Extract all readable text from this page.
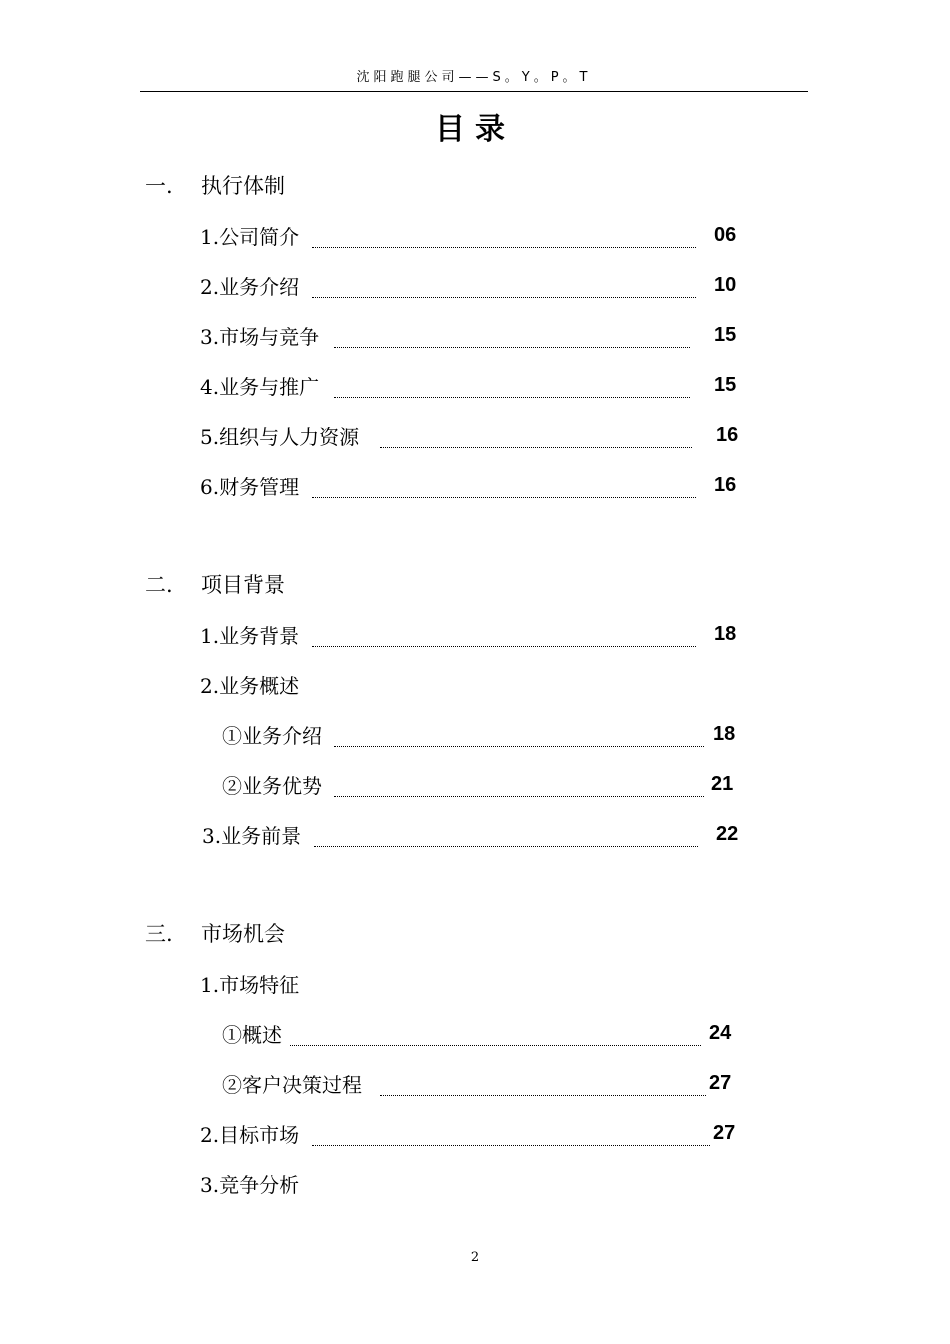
沈阳跑腿公司——S。Y。P。T
目录
一.	执行体制
1.公司简介	06
2.业务介绍	10
3.市场与竞争	15
4.业务与推广	15
5.组织与人力资源	16
6.财务管理	16
二.	项目背景
1.业务背景	18
2.业务概述
①业务介绍	18
②业务优势	21
3.业务前景	22
三.	市场机会
1.市场特征
①概述	24
②客户决策过程	27
2.目标市场	27
3.竞争分析
2
